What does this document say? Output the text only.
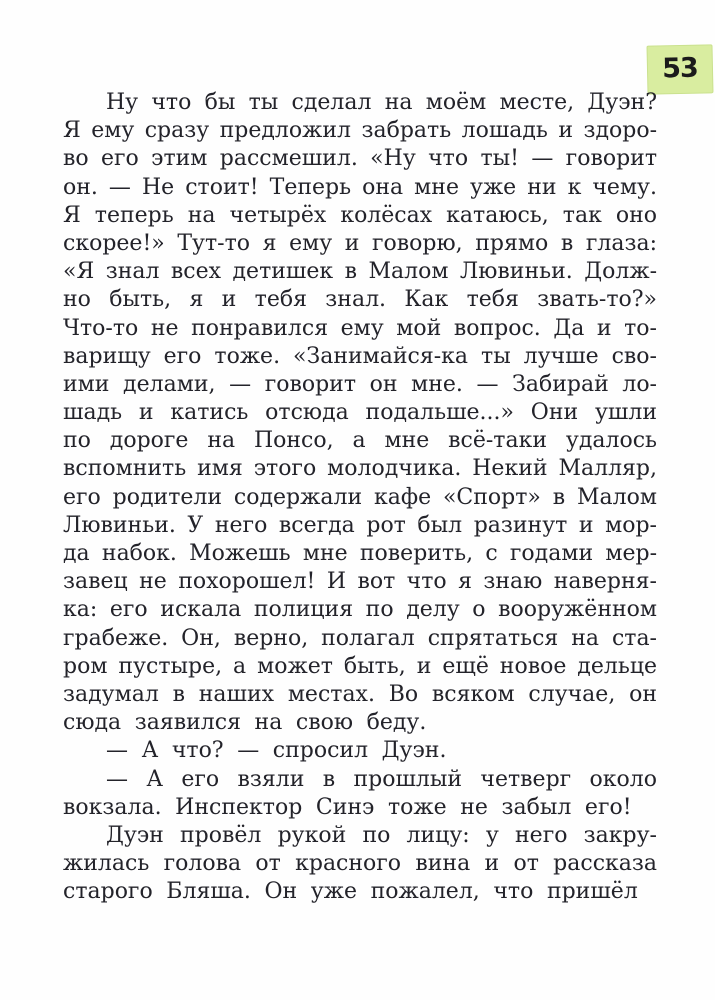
53
Ну что бы ты сделал на моём месте, Дуэн?
Я ему сразу предложил забрать лошадь и здоро-
во его этим рассмешил. «Ну что ты! — говорит
он. — Не стоит! Теперь она мне уже ни к чему.
Я теперь на четырёх колёсах катаюсь, так оно
скорее!» Тут-то я ему и говорю, прямо в глаза:
«Я знал всех детишек в Малом Лювиньи. Долж-
но быть, я и тебя знал. Как тебя звать-то?»
Что-то не понравился ему мой вопрос. Да и то-
варищу его тоже. «Занимайся-ка ты лучше сво-
ими делами, — говорит он мне. — Забирай ло-
шадь и катись отсюда подальше...» Они ушли
по дороге на Понсо, а мне всё-таки удалось
вспомнить имя этого молодчика. Некий Малляр,
его родители содержали кафе «Спорт» в Малом
Лювиньи. У него всегда рот был разинут и мор-
да набок. Можешь мне поверить, с годами мер-
завец не похорошел! И вот что я знаю наверня-
ка: его искала полиция по делу о вооружённом
грабеже. Он, верно, полагал спрятаться на ста-
ром пустыре, а может быть, и ещё новое дельце
задумал в наших местах. Во всяком случае, он
сюда заявился на свою беду.
— А что? — спросил Дуэн.
— А его взяли в прошлый четверг около
вокзала. Инспектор Синэ тоже не забыл его!
Дуэн провёл рукой по лицу: у него закру-
жилась голова от красного вина и от рассказа
старого Бляша. Он уже пожалел, что пришёл
